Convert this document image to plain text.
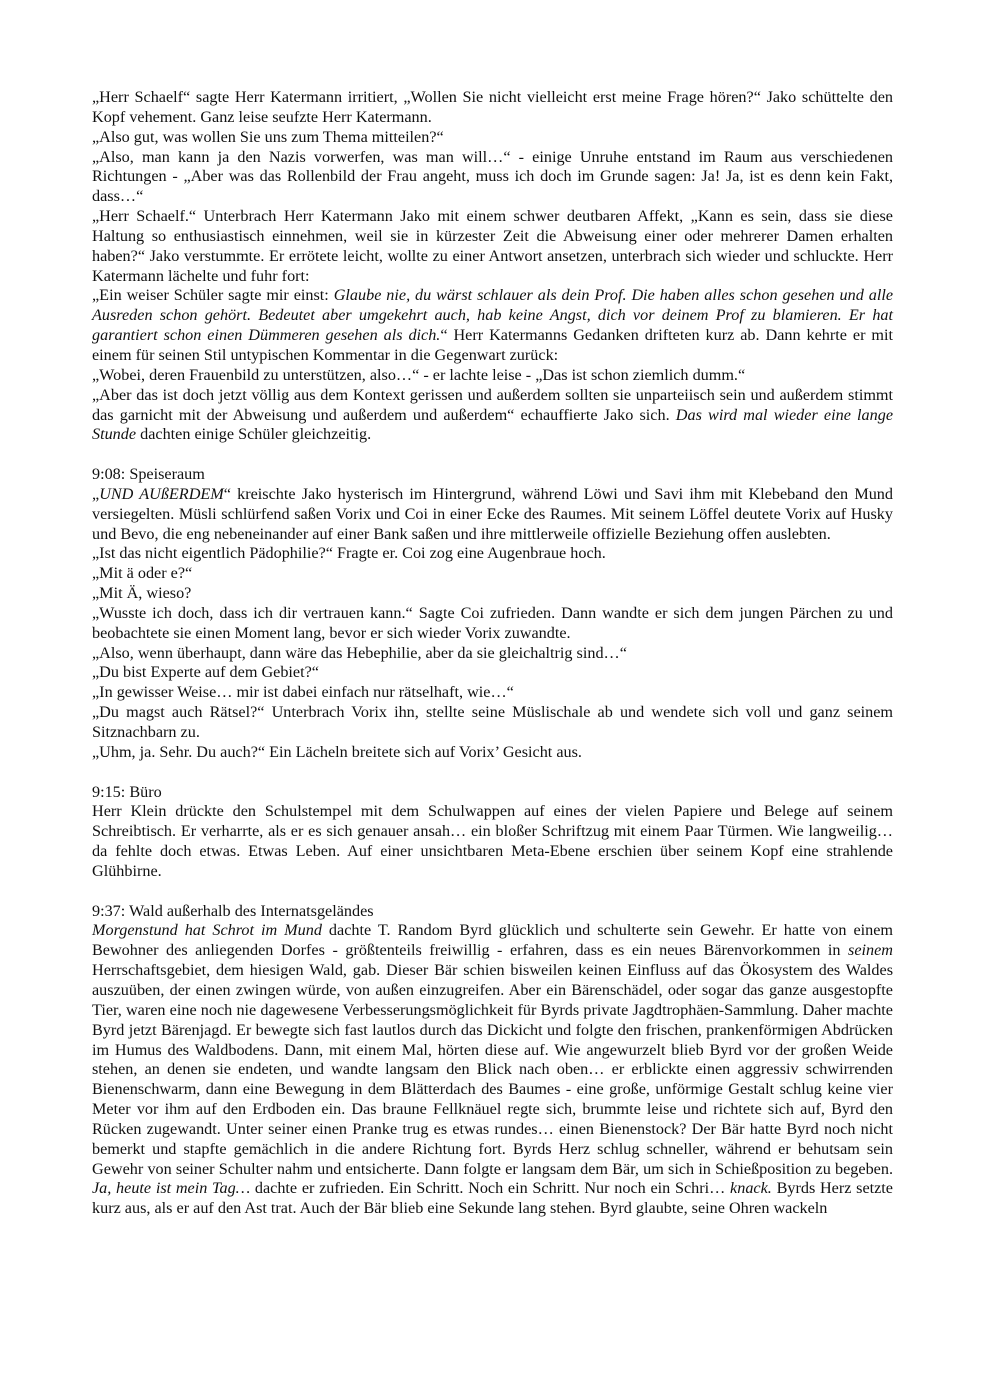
„Herr Schaelf“ sagte Herr Katermann irritiert, „Wollen Sie nicht vielleicht erst meine Frage hören?“ Jako schüttelte den Kopf vehement. Ganz leise seufzte Herr Katermann.

„Also gut, was wollen Sie uns zum Thema mitteilen?“

„Also, man kann ja den Nazis vorwerfen, was man will…“ - einige Unruhe entstand im Raum aus verschiedenen Richtungen - „Aber was das Rollenbild der Frau angeht, muss ich doch im Grunde sagen: Ja! Ja, ist es denn kein Fakt, dass…“

„Herr Schaelf.“ Unterbrach Herr Katermann Jako mit einem schwer deutbaren Affekt, „Kann es sein, dass sie diese Haltung so enthusiastisch einnehmen, weil sie in kürzester Zeit die Abweisung einer oder mehrerer Damen erhalten haben?“ Jako verstummte. Er errötete leicht, wollte zu einer Antwort ansetzen, unterbrach sich wieder und schluckte. Herr Katermann lächelte und fuhr fort:

„Ein weiser Schüler sagte mir einst: Glaube nie, du wärst schlauer als dein Prof. Die haben alles schon gesehen und alle Ausreden schon gehört. Bedeutet aber umgekehrt auch, hab keine Angst, dich vor deinem Prof zu blamieren. Er hat garantiert schon einen Dümmeren gesehen als dich.“ Herr Katermanns Gedanken drifteten kurz ab. Dann kehrte er mit einem für seinen Stil untypischen Kommentar in die Gegenwart zurück:

„Wobei, deren Frauenbild zu unterstützen, also…“ - er lachte leise - „Das ist schon ziemlich dumm.“

„Aber das ist doch jetzt völlig aus dem Kontext gerissen und außerdem sollten sie unparteiisch sein und außerdem stimmt das garnicht mit der Abweisung und außerdem und außerdem“ echauffierte Jako sich. Das wird mal wieder eine lange Stunde dachten einige Schüler gleichzeitig.

9:08: Speiseraum

„UND AUßERDEM“ kreischte Jako hysterisch im Hintergrund, während Löwi und Savi ihm mit Klebeband den Mund versiegelten. Müsli schlürfend saßen Vorix und Coi in einer Ecke des Raumes. Mit seinem Löffel deutete Vorix auf Husky und Bevo, die eng nebeneinander auf einer Bank saßen und ihre mittlerweile offizielle Beziehung offen auslebten.

„Ist das nicht eigentlich Pädophilie?“ Fragte er. Coi zog eine Augenbraue hoch.

„Mit ä oder e?“

„Mit Ä, wieso?

„Wusste ich doch, dass ich dir vertrauen kann.“ Sagte Coi zufrieden. Dann wandte er sich dem jungen Pärchen zu und beobachtete sie einen Moment lang, bevor er sich wieder Vorix zuwandte.

„Also, wenn überhaupt, dann wäre das Hebephilie, aber da sie gleichaltrig sind…“

„Du bist Experte auf dem Gebiet?“

„In gewisser Weise… mir ist dabei einfach nur rätselhaft, wie…“

„Du magst auch Rätsel?“ Unterbrach Vorix ihn, stellte seine Müslischale ab und wendete sich voll und ganz seinem Sitznachbarn zu.

„Uhm, ja. Sehr. Du auch?“ Ein Lächeln breitete sich auf Vorix’ Gesicht aus.

9:15: Büro

Herr Klein drückte den Schulstempel mit dem Schulwappen auf eines der vielen Papiere und Belege auf seinem Schreibtisch. Er verharrte, als er es sich genauer ansah… ein bloßer Schriftzug mit einem Paar Türmen. Wie langweilig… da fehlte doch etwas. Etwas Leben. Auf einer unsichtbaren Meta-Ebene erschien über seinem Kopf eine strahlende Glühbirne.

9:37: Wald außerhalb des Internatsgeländes

Morgenstund hat Schrot im Mund dachte T. Random Byrd glücklich und schulterte sein Gewehr. Er hatte von einem Bewohner des anliegenden Dorfes - größtenteils freiwillig - erfahren, dass es ein neues Bärenvorkommen in seinem Herrschaftsgebiet, dem hiesigen Wald, gab. Dieser Bär schien bisweilen keinen Einfluss auf das Ökosystem des Waldes auszuüben, der einen zwingen würde, von außen einzugreifen. Aber ein Bärenschädel, oder sogar das ganze ausgestopfte Tier, waren eine noch nie dagewesene Verbesserungsmöglichkeit für Byrds private Jagdtrophäen-Sammlung. Daher machte Byrd jetzt Bärenjagd. Er bewegte sich fast lautlos durch das Dickicht und folgte den frischen, prankenförmigen Abdrücken im Humus des Waldbodens. Dann, mit einem Mal, hörten diese auf. Wie angewurzelt blieb Byrd vor der großen Weide stehen, an denen sie endeten, und wandte langsam den Blick nach oben… er erblickte einen aggressiv schwirrenden Bienenschwarm, dann eine Bewegung in dem Blätterdach des Baumes - eine große, unförmige Gestalt schlug keine vier Meter vor ihm auf den Erdboden ein. Das braune Fellknäuel regte sich, brummte leise und richtete sich auf, Byrd den Rücken zugewandt. Unter seiner einen Pranke trug es etwas rundes… einen Bienenstock? Der Bär hatte Byrd noch nicht bemerkt und stapfte gemächlich in die andere Richtung fort. Byrds Herz schlug schneller, während er behutsam sein Gewehr von seiner Schulter nahm und entsicherte. Dann folgte er langsam dem Bär, um sich in Schießposition zu begeben. Ja, heute ist mein Tag… dachte er zufrieden. Ein Schritt. Noch ein Schritt. Nur noch ein Schri… knack. Byrds Herz setzte kurz aus, als er auf den Ast trat. Auch der Bär blieb eine Sekunde lang stehen. Byrd glaubte, seine Ohren wackeln
